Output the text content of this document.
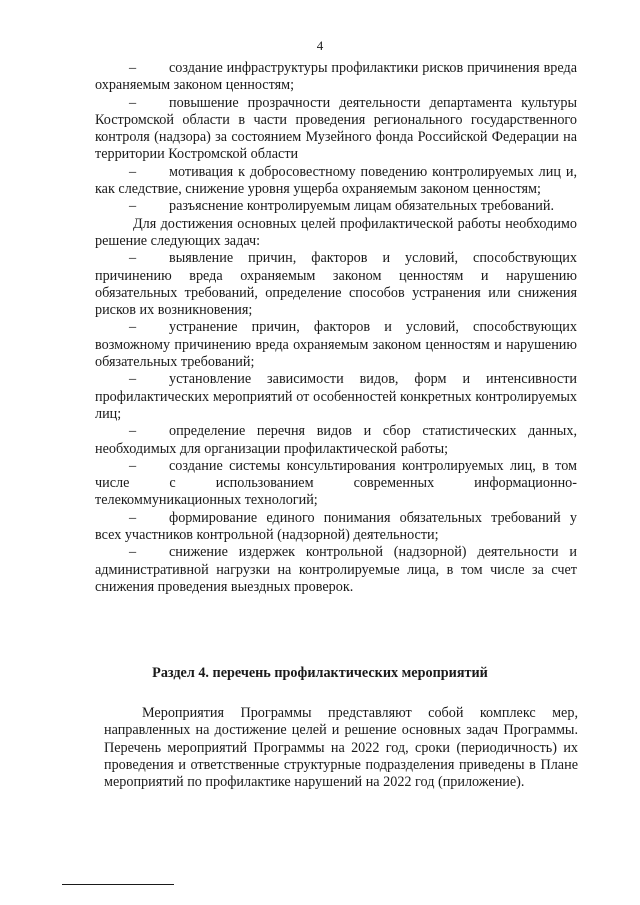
4

– создание инфраструктуры профилактики рисков причинения вреда охраняемым законом ценностям;

– повышение прозрачности деятельности департамента культуры Костромской области в части проведения регионального государственного контроля (надзора) за состоянием Музейного фонда Российской Федерации на территории Костромской области

– мотивация к добросовестному поведению контролируемых лиц и, как следствие, снижение уровня ущерба охраняемым законом ценностям;

– разъяснение контролируемым лицам обязательных требований.

Для достижения основных целей профилактической работы необходимо решение следующих задач:

– выявление причин, факторов и условий, способствующих причинению вреда охраняемым законом ценностям и нарушению обязательных требований, определение способов устранения или снижения рисков их возникновения;

– устранение причин, факторов и условий, способствующих возможному причинению вреда охраняемым законом ценностям и нарушению обязательных требований;

– установление зависимости видов, форм и интенсивности профилактических мероприятий от особенностей конкретных контролируемых лиц;

– определение перечня видов и сбор статистических данных, необходимых для организации профилактической работы;

– создание системы консультирования контролируемых лиц, в том числе с использованием современных информационно-телекоммуникационных технологий;

– формирование единого понимания обязательных требований у всех участников контрольной (надзорной) деятельности;

– снижение издержек контрольной (надзорной) деятельности и административной нагрузки на контролируемые лица, в том числе за счет снижения проведения выездных проверок.

Раздел 4. перечень профилактических мероприятий

Мероприятия Программы представляют собой комплекс мер, направленных на достижение целей и решение основных задач Программы. Перечень мероприятий Программы на 2022 год, сроки (периодичность) их проведения и ответственные структурные подразделения приведены в Плане мероприятий по профилактике нарушений на 2022 год (приложение).
